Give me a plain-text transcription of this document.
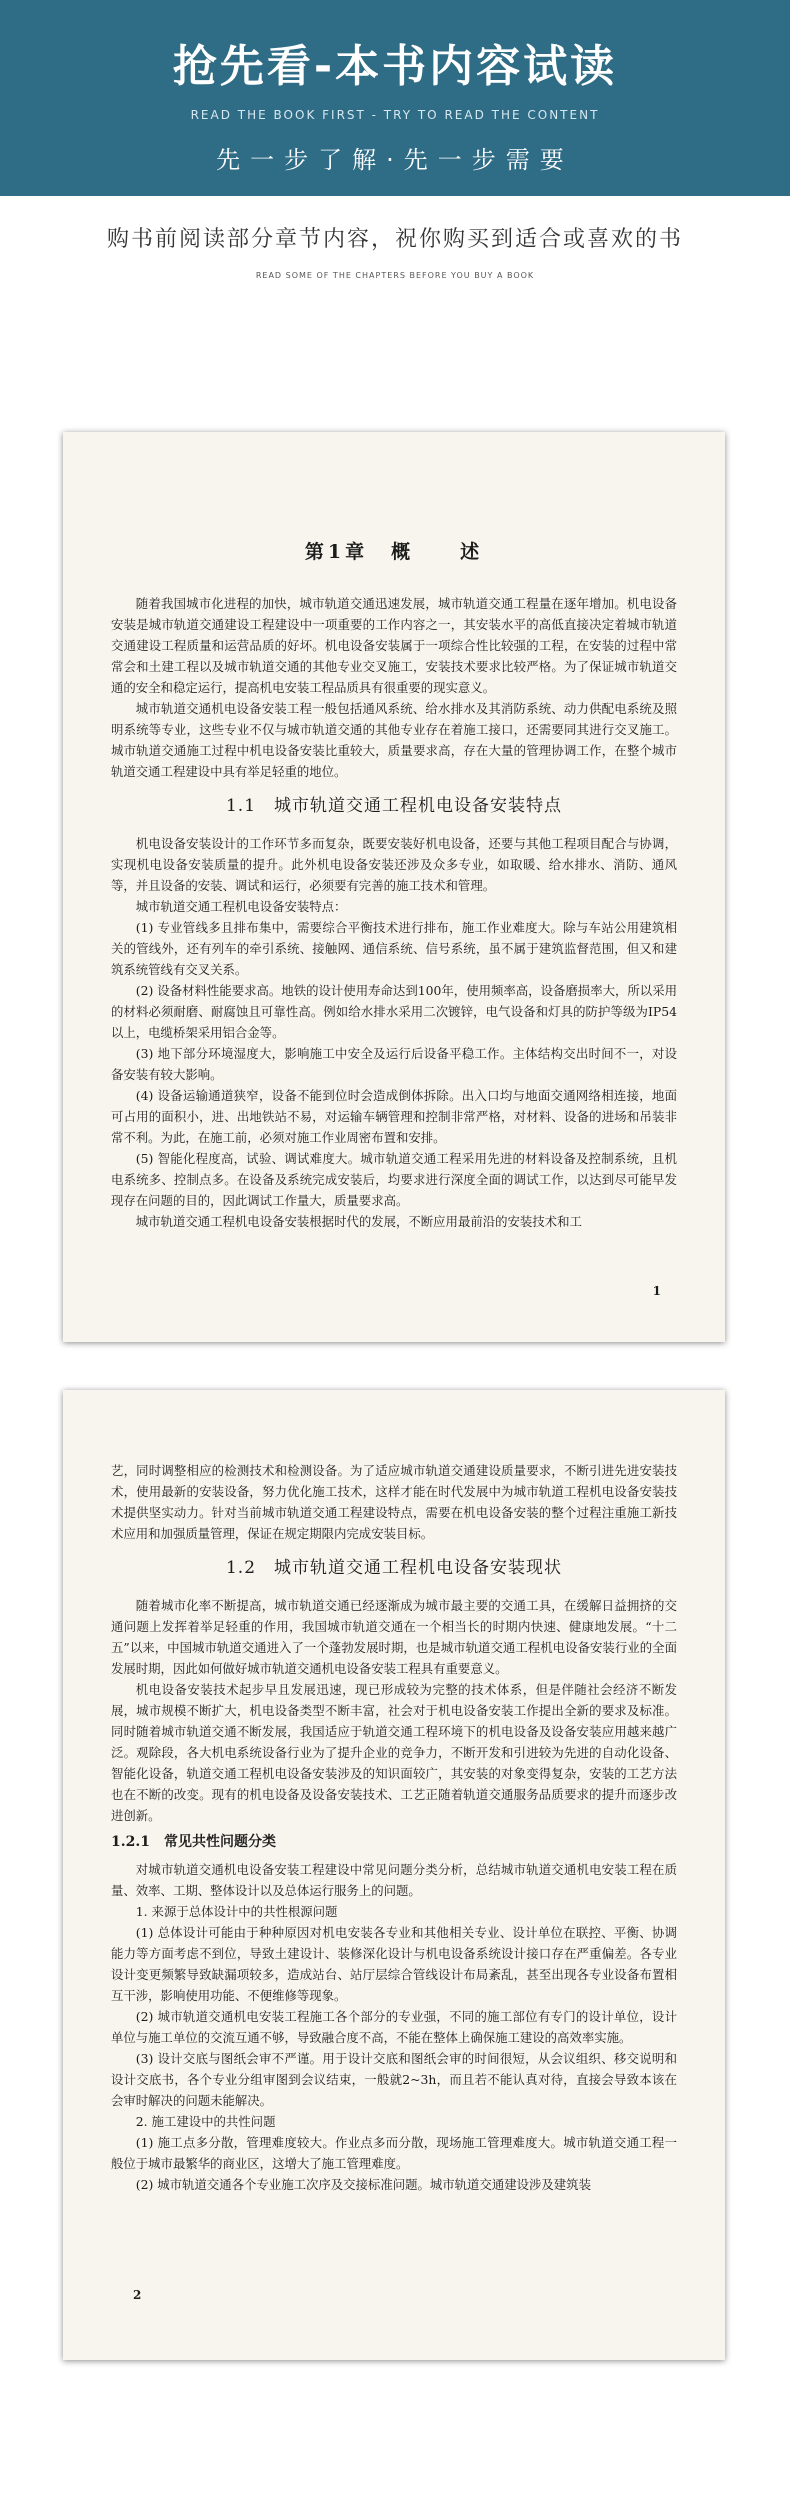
抢先看-本书内容试读
READ THE BOOK FIRST - TRY TO READ THE CONTENT
先一步了解·先一步需要
购书前阅读部分章节内容，祝你购买到适合或喜欢的书
READ SOME OF THE CHAPTERS BEFORE YOU BUY A BOOK
第1章　概　　述

随着我国城市化进程的加快，城市轨道交通迅速发展，城市轨道交通工程量在逐年增加。机电设备安装是城市轨道交通建设工程建设中一项重要的工作内容之一，其安装水平的高低直接决定着城市轨道交通建设工程质量和运营品质的好坏。机电设备安装属于一项综合性比较强的工程，在安装的过程中常常会和土建工程以及城市轨道交通的其他专业交叉施工，安装技术要求比较严格。为了保证城市轨道交通的安全和稳定运行，提高机电安装工程品质具有很重要的现实意义。

城市轨道交通机电设备安装工程一般包括通风系统、给水排水及其消防系统、动力供配电系统及照明系统等专业，这些专业不仅与城市轨道交通的其他专业存在着施工接口，还需要同其进行交叉施工。城市轨道交通施工过程中机电设备安装比重较大，质量要求高，存在大量的管理协调工作，在整个城市轨道交通工程建设中具有举足轻重的地位。

1.1　城市轨道交通工程机电设备安装特点

机电设备安装设计的工作环节多而复杂，既要安装好机电设备，还要与其他工程项目配合与协调，实现机电设备安装质量的提升。此外机电设备安装还涉及众多专业，如取暖、给水排水、消防、通风等，并且设备的安装、调试和运行，必须要有完善的施工技术和管理。

城市轨道交通工程机电设备安装特点：

(1) 专业管线多且排布集中，需要综合平衡技术进行排布，施工作业难度大。除与车站公用建筑相关的管线外，还有列车的牵引系统、接触网、通信系统、信号系统，虽不属于建筑监督范围，但又和建筑系统管线有交叉关系。

(2) 设备材料性能要求高。地铁的设计使用寿命达到100年，使用频率高，设备磨损率大，所以采用的材料必须耐磨、耐腐蚀且可靠性高。例如给水排水采用二次镀锌，电气设备和灯具的防护等级为IP54以上，电缆桥架采用铝合金等。

(3) 地下部分环境湿度大，影响施工中安全及运行后设备平稳工作。主体结构交出时间不一，对设备安装有较大影响。

(4) 设备运输通道狭窄，设备不能到位时会造成倒体拆除。出入口均与地面交通网络相连接，地面可占用的面积小，进、出地铁站不易，对运输车辆管理和控制非常严格，对材料、设备的进场和吊装非常不利。为此，在施工前，必须对施工作业周密布置和安排。

(5) 智能化程度高，试验、调试难度大。城市轨道交通工程采用先进的材料设备及控制系统，且机电系统多、控制点多。在设备及系统完成安装后，均要求进行深度全面的调试工作，以达到尽可能早发现存在问题的目的，因此调试工作量大，质量要求高。

城市轨道交通工程机电设备安装根据时代的发展，不断应用最前沿的安装技术和工

1

艺，同时调整相应的检测技术和检测设备。为了适应城市轨道交通建设质量要求，不断引进先进安装技术，使用最新的安装设备，努力优化施工技术，这样才能在时代发展中为城市轨道工程机电设备安装技术提供坚实动力。针对当前城市轨道交通工程建设特点，需要在机电设备安装的整个过程注重施工新技术应用和加强质量管理，保证在规定期限内完成安装目标。

1.2　城市轨道交通工程机电设备安装现状

随着城市化率不断提高，城市轨道交通已经逐渐成为城市最主要的交通工具，在缓解日益拥挤的交通问题上发挥着举足轻重的作用，我国城市轨道交通在一个相当长的时期内快速、健康地发展。“十二五”以来，中国城市轨道交通进入了一个蓬勃发展时期，也是城市轨道交通工程机电设备安装行业的全面发展时期，因此如何做好城市轨道交通机电设备安装工程具有重要意义。

机电设备安装技术起步早且发展迅速，现已形成较为完整的技术体系，但是伴随社会经济不断发展，城市规模不断扩大，机电设备类型不断丰富，社会对于机电设备安装工作提出全新的要求及标准。同时随着城市轨道交通不断发展，我国适应于轨道交通工程环境下的机电设备及设备安装应用越来越广泛。观除段，各大机电系统设备行业为了提升企业的竞争力，不断开发和引进较为先进的自动化设备、智能化设备，轨道交通工程机电设备安装涉及的知识面较广，其安装的对象变得复杂，安装的工艺方法也在不断的改变。现有的机电设备及设备安装技术、工艺正随着轨道交通服务品质要求的提升而逐步改进创新。

1.2.1　常见共性问题分类

对城市轨道交通机电设备安装工程建设中常见问题分类分析，总结城市轨道交通机电安装工程在质量、效率、工期、整体设计以及总体运行服务上的问题。

1. 来源于总体设计中的共性根源问题

(1) 总体设计可能由于种种原因对机电安装各专业和其他相关专业、设计单位在联控、平衡、协调能力等方面考虑不到位，导致土建设计、装修深化设计与机电设备系统设计接口存在严重偏差。各专业设计变更频繁导致缺漏项较多，造成站台、站厅层综合管线设计布局紊乱，甚至出现各专业设备布置相互干涉，影响使用功能、不便维修等现象。

(2) 城市轨道交通机电安装工程施工各个部分的专业强，不同的施工部位有专门的设计单位，设计单位与施工单位的交流互通不够，导致融合度不高，不能在整体上确保施工建设的高效率实施。

(3) 设计交底与图纸会审不严谨。用于设计交底和图纸会审的时间很短，从会议组织、移交说明和设计交底书，各个专业分组审图到会议结束，一般就2~3h，而且若不能认真对待，直接会导致本该在会审时解决的问题未能解决。

2. 施工建设中的共性问题

(1) 施工点多分散，管理难度较大。作业点多而分散，现场施工管理难度大。城市轨道交通工程一般位于城市最繁华的商业区，这增大了施工管理难度。

(2) 城市轨道交通各个专业施工次序及交接标准问题。城市轨道交通建设涉及建筑装

2
